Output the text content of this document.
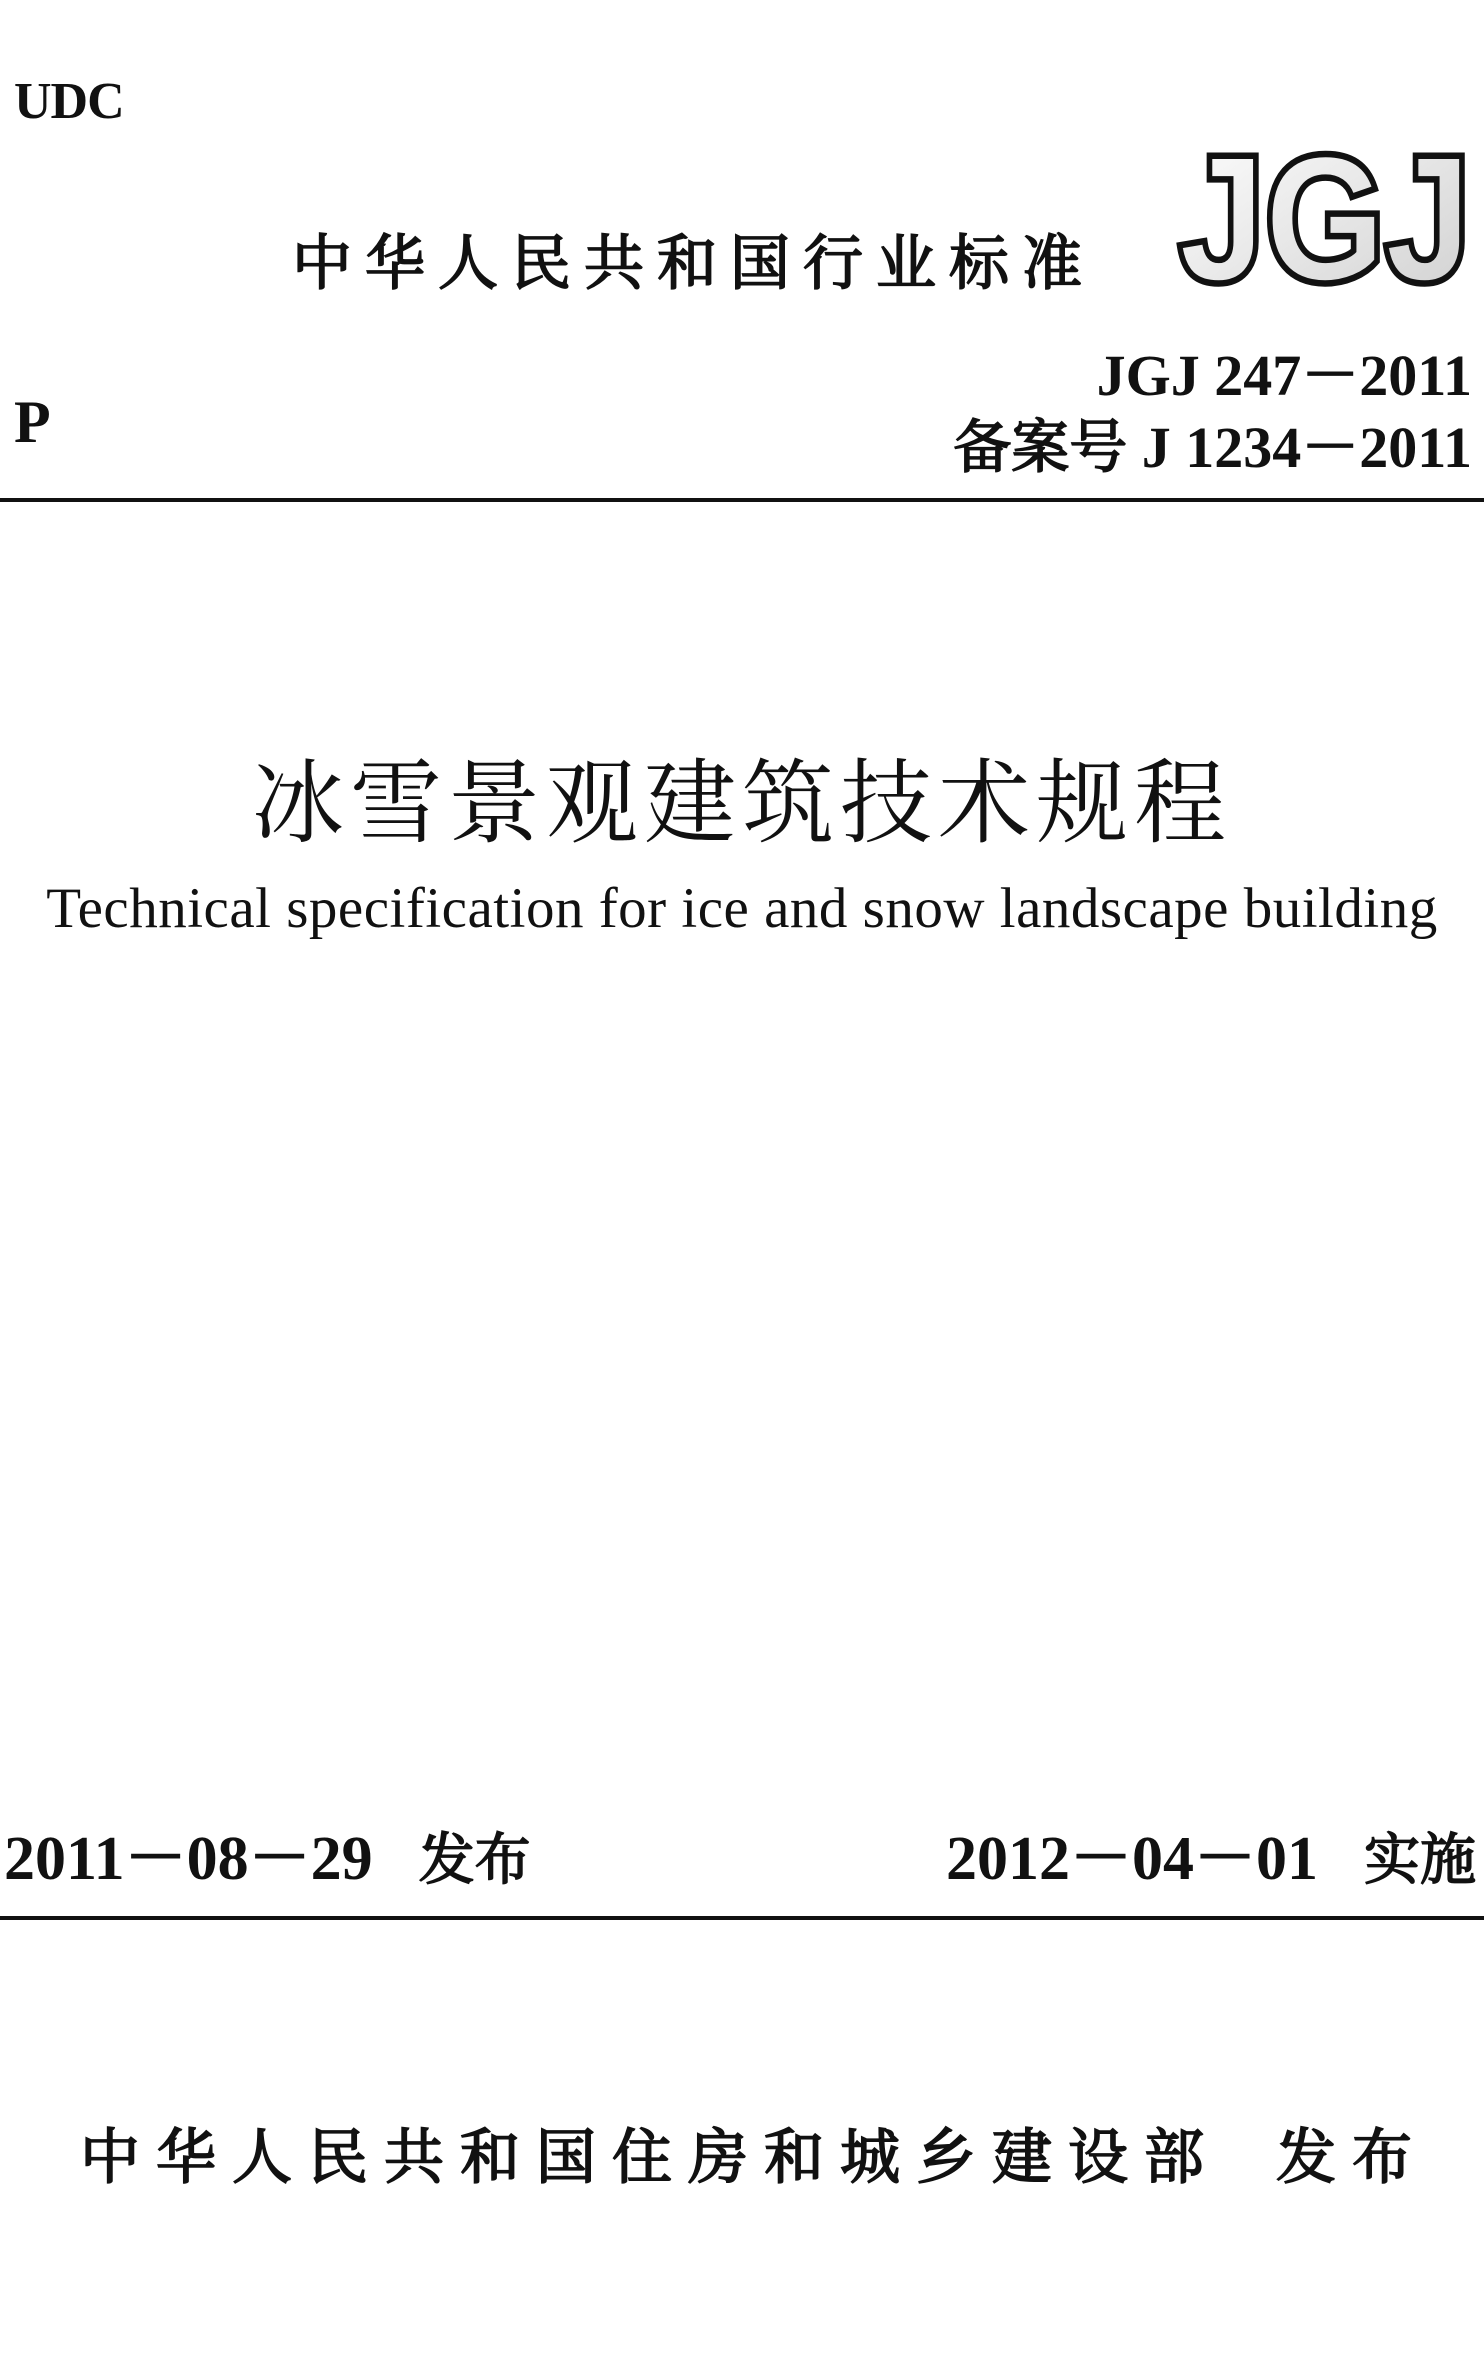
UDC
中华人民共和国行业标准 JGJ
JGJ
JGJ 247－2011
备案号 J 1234－2011
P
冰雪景观建筑技术规程
Technical specification for ice and snow landscape building
2011－08－29 发布	2012－04－01 实施
中华人民共和国住房和城乡建设部 发布
